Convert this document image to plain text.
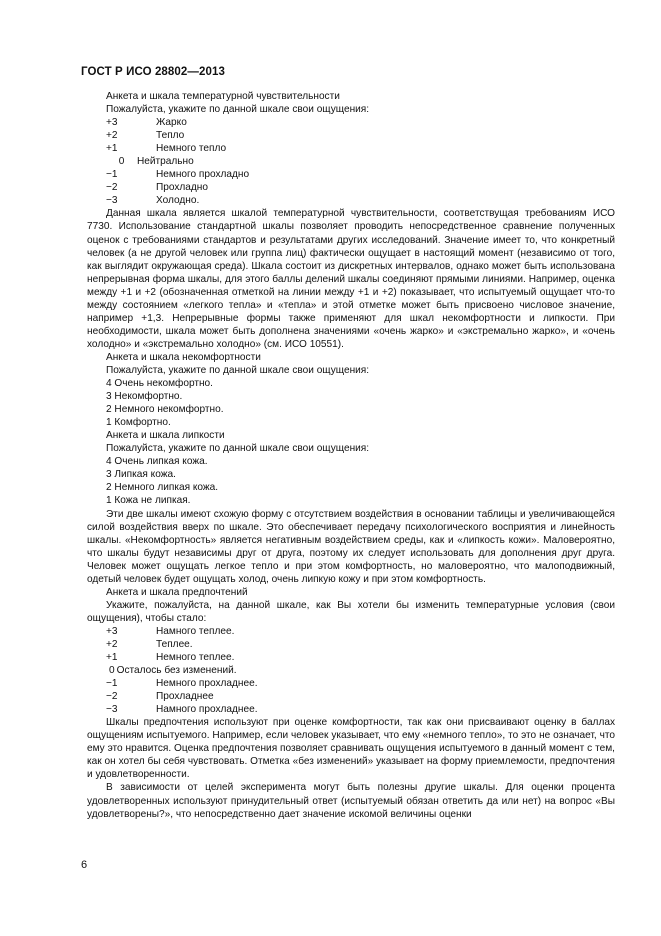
ГОСТ Р ИСО 28802—2013
Анкета и шкала температурной чувствительности
Пожалуйста, укажите по данной шкале свои ощущения:
+3	Жарко
+2	Тепло
+1	Немного тепло
0	Нейтрально
−1	Немного прохладно
−2	Прохладно
−3	Холодно.
Данная шкала является шкалой температурной чувствительности, соответствущая требованиям ИСО 7730. Использование стандартной шкалы позволяет проводить непосредственное сравнение полученных оценок с требованиями стандартов и результатами других исследований. Значение имеет то, что конкретный человек (а не другой человек или группа лиц) фактически ощущает в настоящий момент (независимо от того, как выглядит окружающая среда). Шкала состоит из дискретных интервалов, однако может быть использована непрерывная форма шкалы, для этого баллы делений шкалы соединяют прямыми линиями. Например, оценка между +1 и +2 (обозначенная отметкой на линии между +1 и +2) показывает, что испытуемый ощущает что-то между состоянием «легкого тепла» и «тепла» и этой отметке может быть присвоено числовое значение, например +1,3. Непрерывные формы также применяют для шкал некомфортности и липкости. При необходимости, шкала может быть дополнена значениями «очень жарко» и «экстремально жарко», и «очень холодно» и «экстремально холодно» (см. ИСО 10551).
Анкета и шкала некомфортности
Пожалуйста, укажите по данной шкале свои ощущения:
4 Очень некомфортно.
3 Некомфортно.
2 Немного некомфортно.
1 Комфортно.
Анкета и шкала липкости
Пожалуйста, укажите по данной шкале свои ощущения:
4 Очень липкая кожа.
3 Липкая кожа.
2 Немного липкая кожа.
1 Кожа не липкая.
Эти две шкалы имеют схожую форму с отсутствием воздействия в основании таблицы и увеличивающейся силой воздействия вверх по шкале. Это обеспечивает передачу психологического восприятия и линейность шкалы. «Некомфортность» является негативным воздействием среды, как и «липкость кожи». Маловероятно, что шкалы будут независимы друг от друга, поэтому их следует использовать для дополнения друг друга. Человек может ощущать легкое тепло и при этом комфортность, но маловероятно, что малоподвижный, одетый человек будет ощущать холод, очень липкую кожу и при этом комфортность.
Анкета и шкала предпочтений
Укажите, пожалуйста, на данной шкале, как Вы хотели бы изменить температурные условия (свои ощущения), чтобы стало:
+3	Намного теплее.
+2	Теплее.
+1	Немного теплее.
0 Осталось без изменений.
−1	Немного прохладнее.
−2	Прохладнее
−3	Намного прохладнее.
Шкалы предпочтения используют при оценке комфортности, так как они присваивают оценку в баллах ощущениям испытуемого. Например, если человек указывает, что ему «немного тепло», то это не означает, что ему это нравится. Оценка предпочтения позволяет сравнивать ощущения испытуемого в данный момент с тем, как он хотел бы себя чувствовать. Отметка «без изменений» указывает на форму приемлемости, предпочтения и удовлетворенности.
В зависимости от целей эксперимента могут быть полезны другие шкалы. Для оценки процента удовлетворенных используют принудительный ответ (испытуемый обязан ответить да или нет) на вопрос «Вы удовлетворены?», что непосредственно дает значение искомой величины оценки
6
